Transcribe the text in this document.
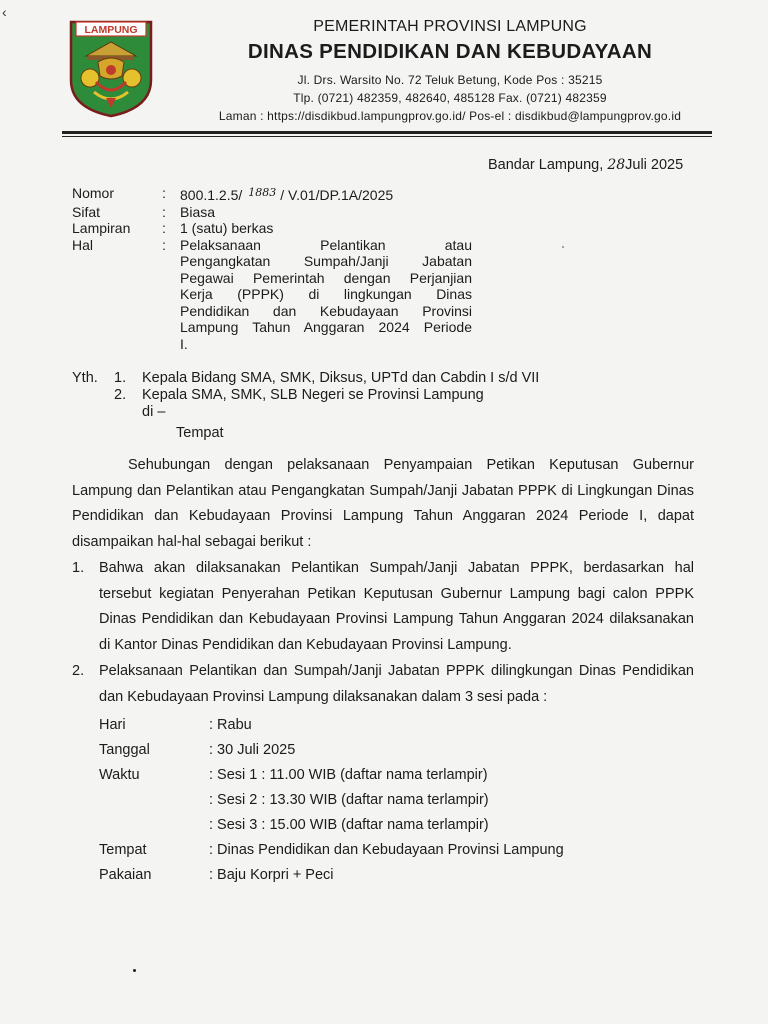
‹
LAMPUNG	PEMERINTAH PROVINSI LAMPUNG
DINAS PENDIDIKAN DAN KEBUDAYAAN
Jl. Drs. Warsito No. 72 Teluk Betung, Kode Pos : 35215
Tlp. (0721) 482359, 482640, 485128 Fax. (0721) 482359
Laman : https://disdikbud.lampungprov.go.id/ Pos-el : disdikbud@lampungprov.go.id
Bandar Lampung, 28Juli 2025
Nomor	:	800.1.2.5/ $^{1883}$ / V.01/DP.1A/2025
Sifat	:	Biasa
Lampiran	:	1 (satu) berkas
Hal	:	Pelaksanaan Pelantikan atau
Pengangkatan Sumpah/Janji Jabatan
Pegawai Pemerintah dengan Perjanjian
Kerja (PPPK) di lingkungan Dinas
Pendidikan dan Kebudayaan Provinsi
Lampung Tahun Anggaran 2024 Periode
I.
Yth.	1.	Kepala Bidang SMA, SMK, Diksus, UPTd dan Cabdin I s/d VII
2.	Kepala SMA, SMK, SLB Negeri se Provinsi Lampung
di –
Tempat
Sehubungan dengan pelaksanaan Penyampaian Petikan Keputusan Gubernur Lampung dan Pelantikan atau Pengangkatan Sumpah/Janji Jabatan PPPK di Lingkungan Dinas Pendidikan dan Kebudayaan Provinsi Lampung Tahun Anggaran 2024 Periode I, dapat disampaikan hal-hal sebagai berikut :
1.	Bahwa akan dilaksanakan Pelantikan Sumpah/Janji Jabatan PPPK, berdasarkan hal tersebut kegiatan Penyerahan Petikan Keputusan Gubernur Lampung bagi calon PPPK Dinas Pendidikan dan Kebudayaan Provinsi Lampung Tahun Anggaran 2024 dilaksanakan di Kantor Dinas Pendidikan dan Kebudayaan Provinsi Lampung.
2.	Pelaksanaan Pelantikan dan Sumpah/Janji Jabatan PPPK dilingkungan Dinas Pendidikan dan Kebudayaan Provinsi Lampung dilaksanakan dalam 3 sesi pada :
Hari	: Rabu
Tanggal	: 30 Juli 2025
Waktu	: Sesi 1 : 11.00 WIB (daftar nama terlampir)
: Sesi 2 : 13.30 WIB (daftar nama terlampir)
: Sesi 3 : 15.00 WIB (daftar nama terlampir)
Tempat	: Dinas Pendidikan dan Kebudayaan Provinsi Lampung
Pakaian	: Baju Korpri + Peci
